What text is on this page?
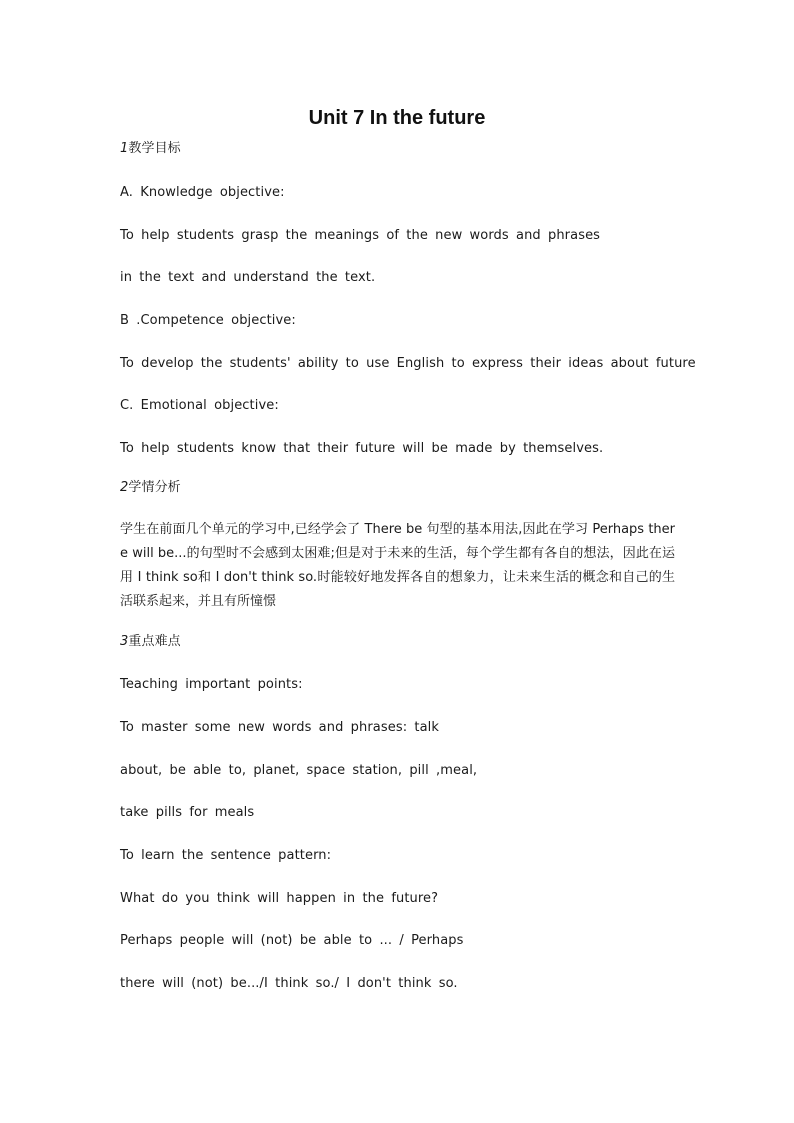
Unit 7 In the future
1教学目标
A. Knowledge objective:
To help students grasp the meanings of the new words and phrases
in the text and understand the text.
B .Competence objective:
To develop the students' ability to use English to express their ideas about future
C. Emotional objective:
To help students know that their future will be made by themselves.
2学情分析
学生在前面几个单元的学习中,已经学会了 There be 句型的基本用法,因此在学习 Perhaps there will be...的句型时不会感到太困难;但是对于未来的生活，每个学生都有各自的想法，因此在运用 I think so和 I don't think so.时能较好地发挥各自的想象力，让未来生活的概念和自己的生活联系起来，并且有所憧憬
3重点难点
Teaching important points:
To master some new words and phrases: talk
about, be able to, planet, space station, pill ,meal,
take pills for meals
To learn the sentence pattern:
What do you think will happen in the future?
Perhaps people will (not) be able to ... / Perhaps
there will (not) be.../I think so./ I don't think so.
